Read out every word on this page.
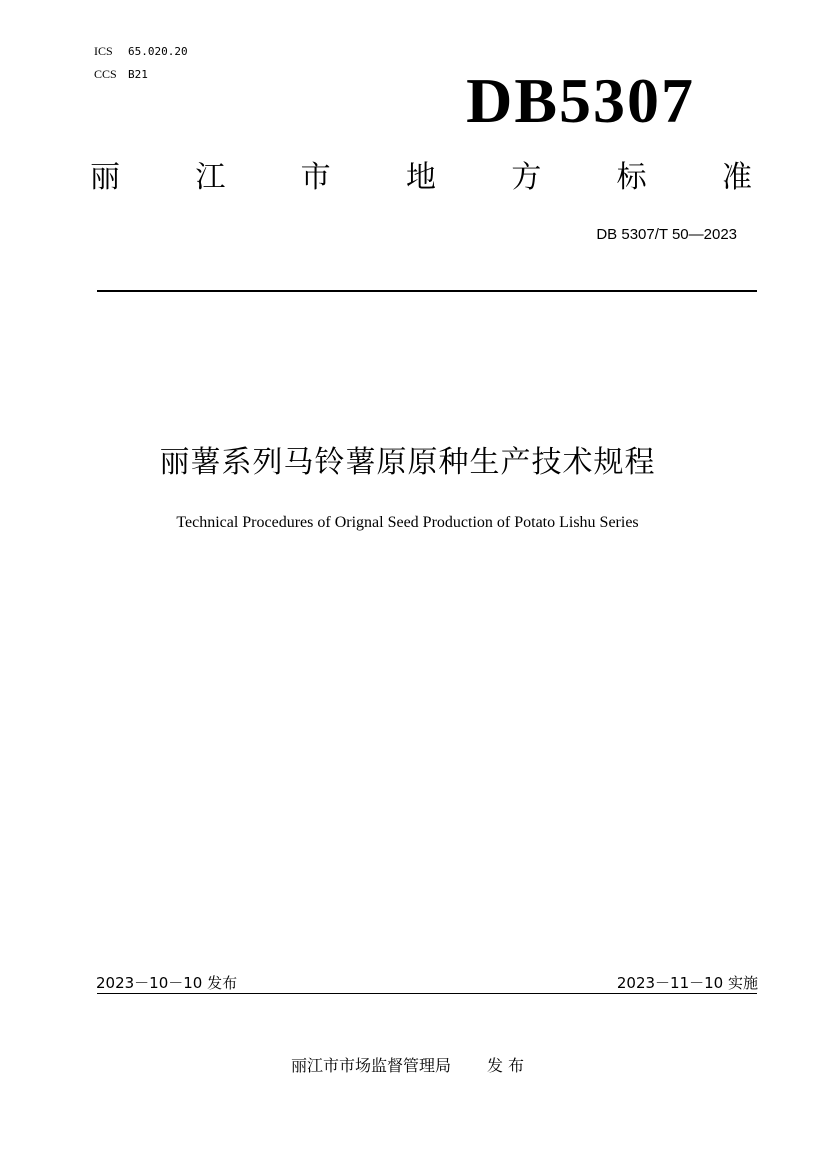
ICS 65.020.20
CCS B21	DB5307
丽	江	市	地	方	标	准
DB 5307/T 50—2023
丽薯系列马铃薯原原种生产技术规程
Technical Procedures of Orignal Seed Production of Potato Lishu Series
2023－10－10 发布	2023－11－10 实施
丽江市市场监督管理局 发 布
